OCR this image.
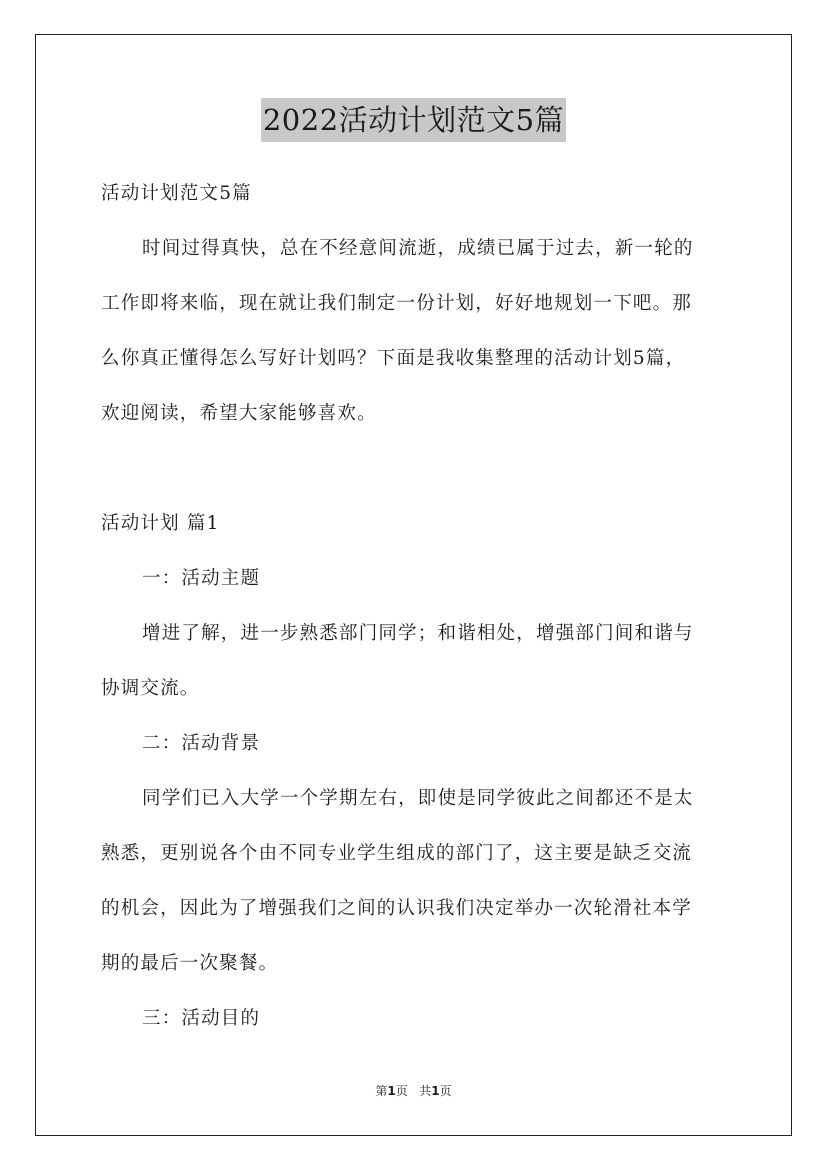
2022活动计划范文5篇
活动计划范文5篇
时间过得真快，总在不经意间流逝，成绩已属于过去，新一轮的
工作即将来临，现在就让我们制定一份计划，好好地规划一下吧。那
么你真正懂得怎么写好计划吗？下面是我收集整理的活动计划5篇，
欢迎阅读，希望大家能够喜欢。
活动计划 篇1
一：活动主题
增进了解，进一步熟悉部门同学；和谐相处，增强部门间和谐与
协调交流。
二：活动背景
同学们已入大学一个学期左右，即使是同学彼此之间都还不是太
熟悉，更别说各个由不同专业学生组成的部门了，这主要是缺乏交流
的机会，因此为了增强我们之间的认识我们决定举办一次轮滑社本学
期的最后一次聚餐。
三：活动目的
第1页 共1页
